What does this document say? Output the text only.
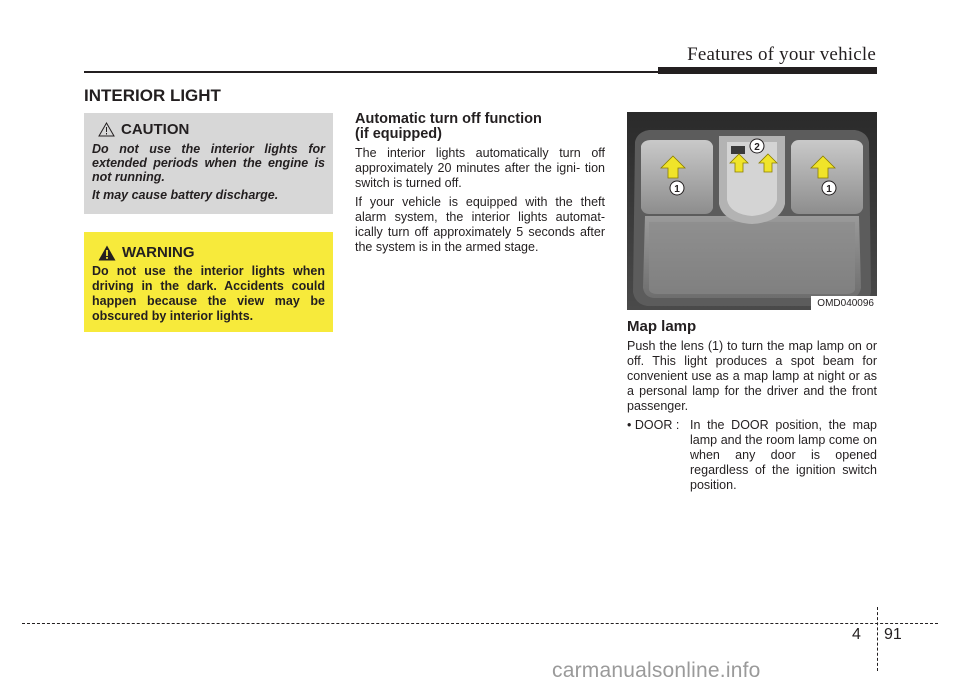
Features of your vehicle
INTERIOR LIGHT
CAUTION

Do not use the interior lights for extended periods when the engine is not running.

It may cause battery discharge.

WARNING
Do not use the interior lights when driving in the dark. Accidents could happen because the view may be obscured by interior lights.
Automatic turn off function
(if equipped)

The interior lights automatically turn off approximately 20 minutes after the igni- tion switch is turned off.

If your vehicle is equipped with the theft alarm system, the interior lights automat- ically turn off approximately 5 seconds after the system is in the armed stage.

1
2
1
OMD040096
Map lamp

Push the lens (1) to turn the map lamp on or off. This light produces a spot beam for convenient use as a map lamp at night or as a personal lamp for the driver and the front passenger.

• DOOR : In the DOOR position, the map lamp and the room lamp come on when any door is opened regardless of the ignition switch position.
4 91
carmanualsonline.info
